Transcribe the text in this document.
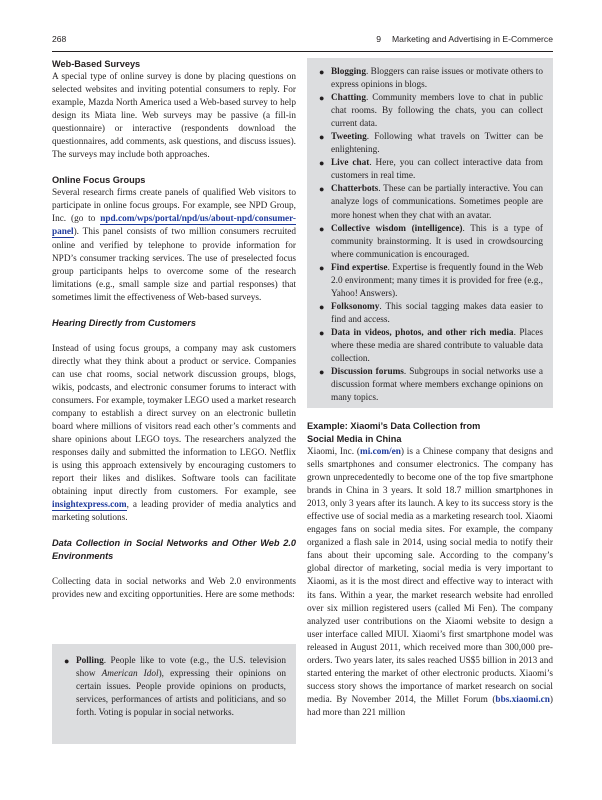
268	9  Marketing and Advertising in E-Commerce
Web-Based Surveys

A special type of online survey is done by placing questions on selected websites and inviting potential consumers to reply. For example, Mazda North America used a Web-based survey to help design its Miata line. Web surveys may be passive (a fill-in questionnaire) or interactive (respondents download the questionnaires, add comments, ask questions, and discuss issues). The surveys may include both approaches.

Online Focus Groups

Several research firms create panels of qualified Web visitors to participate in online focus groups. For example, see NPD Group, Inc. (go to npd.com/wps/portal/npd/us/about-npd/consumer-panel). This panel consists of two million consumers recruited online and verified by telephone to provide information for NPD’s consumer tracking services. The use of preselected focus group participants helps to overcome some of the research limitations (e.g., small sample size and partial responses) that sometimes limit the effectiveness of Web-based surveys.

Hearing Directly from Customers

Instead of using focus groups, a company may ask customers directly what they think about a product or service. Companies can use chat rooms, social network discussion groups, blogs, wikis, podcasts, and electronic consumer forums to interact with consumers. For example, toymaker LEGO used a market research company to establish a direct survey on an electronic bulletin board where millions of visitors read each other’s comments and share opinions about LEGO toys. The researchers analyzed the responses daily and submitted the information to LEGO. Netflix is using this approach extensively by encouraging customers to report their likes and dislikes. Software tools can facilitate obtaining input directly from customers. For example, see insightexpress.com, a leading provider of media analytics and marketing solutions.

Data Collection in Social Networks and Other Web 2.0 Environments

Collecting data in social networks and Web 2.0 environments provides new and exciting opportunities. Here are some methods:

● Polling. People like to vote (e.g., the U.S. television show American Idol), expressing their opinions on certain issues. People provide opinions on products, services, performances of artists and politicians, and so forth. Voting is popular in social networks.

● Blogging. Bloggers can raise issues or motivate others to express opinions in blogs.

● Chatting. Community members love to chat in public chat rooms. By following the chats, you can collect current data.

● Tweeting. Following what travels on Twitter can be enlightening.

● Live chat. Here, you can collect interactive data from customers in real time.

● Chatterbots. These can be partially interactive. You can analyze logs of communications. Sometimes people are more honest when they chat with an avatar.

● Collective wisdom (intelligence). This is a type of community brainstorming. It is used in crowdsourcing where communication is encouraged.

● Find expertise. Expertise is frequently found in the Web 2.0 environment; many times it is provided for free (e.g., Yahoo! Answers).

● Folksonomy. This social tagging makes data easier to find and access.

● Data in videos, photos, and other rich media. Places where these media are shared contribute to valuable data collection.

● Discussion forums. Subgroups in social networks use a discussion format where members exchange opinions on many topics.

Example: Xiaomi’s Data Collection from Social Media in China

Xiaomi, Inc. (mi.com/en) is a Chinese company that designs and sells smartphones and consumer electronics. The company has grown unprecedentedly to become one of the top five smartphone brands in China in 3 years. It sold 18.7 million smartphones in 2013, only 3 years after its launch. A key to its success story is the effective use of social media as a marketing research tool. Xiaomi engages fans on social media sites. For example, the company organized a flash sale in 2014, using social media to notify their fans about their upcoming sale. According to the company’s global director of marketing, social media is very important to Xiaomi, as it is the most direct and effective way to interact with its fans. Within a year, the market research website had enrolled over six million registered users (called Mi Fen). The company analyzed user contributions on the Xiaomi website to design a user interface called MIUI. Xiaomi’s first smartphone model was released in August 2011, which received more than 300,000 pre-orders. Two years later, its sales reached US$5 billion in 2013 and started entering the market of other electronic products. Xiaomi’s success story shows the importance of market research on social media. By November 2014, the Millet Forum (bbs.xiaomi.cn) had more than 221 million
